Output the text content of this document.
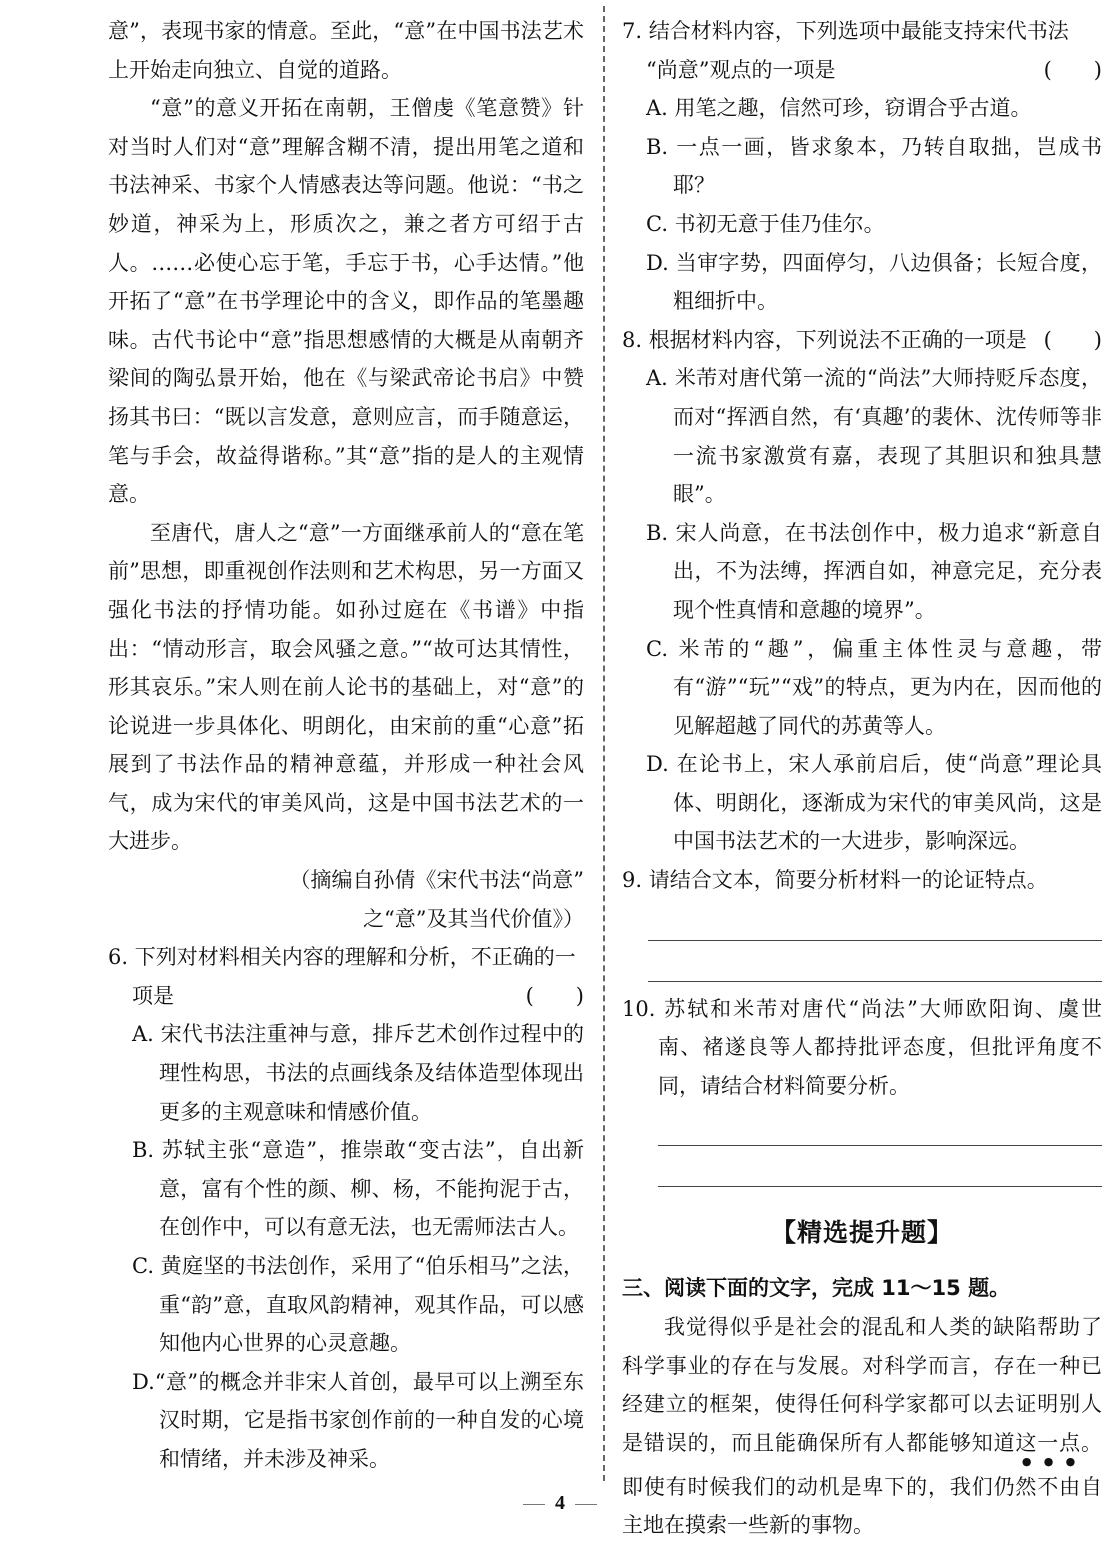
意”，表现书家的情意。至此，“意”在中国书法艺术上开始走向独立、自觉的道路。

“意”的意义开拓在南朝，王僧虔《笔意赞》针对当时人们对“意”理解含糊不清，提出用笔之道和书法神采、书家个人情感表达等问题。他说：“书之妙道，神采为上，形质次之，兼之者方可绍于古人。……必使心忘于笔，手忘于书，心手达情。”他开拓了“意”在书学理论中的含义，即作品的笔墨趣味。古代书论中“意”指思想感情的大概是从南朝齐梁间的陶弘景开始，他在《与梁武帝论书启》中赞扬其书曰：“既以言发意，意则应言，而手随意运，笔与手会，故益得谐称。”其“意”指的是人的主观情意。

至唐代，唐人之“意”一方面继承前人的“意在笔前”思想，即重视创作法则和艺术构思，另一方面又强化书法的抒情功能。如孙过庭在《书谱》中指出：“情动形言，取会风骚之意。”“故可达其情性，形其哀乐。”宋人则在前人论书的基础上，对“意”的论说进一步具体化、明朗化，由宋前的重“心意”拓展到了书法作品的精神意蕴，并形成一种社会风气，成为宋代的审美风尚，这是中国书法艺术的一大进步。

（摘编自孙倩《宋代书法“尚意”

之“意”及其当代价值》）

6. 下列对材料相关内容的理解和分析，不正确的一

项是	(　　)

A. 宋代书法注重神与意，排斥艺术创作过程中的理性构思，书法的点画线条及结体造型体现出更多的主观意味和情感价值。

B. 苏轼主张“意造”，推崇敢“变古法”，自出新意，富有个性的颜、柳、杨，不能拘泥于古，在创作中，可以有意无法，也无需师法古人。

C. 黄庭坚的书法创作，采用了“伯乐相马”之法，重“韵”意，直取风韵精神，观其作品，可以感知他内心世界的心灵意趣。

D.“意”的概念并非宋人首创，最早可以上溯至东汉时期，它是指书家创作前的一种自发的心境和情绪，并未涉及神采。

7. 结合材料内容，下列选项中最能支持宋代书法

“尚意”观点的一项是	(　　)

A. 用笔之趣，信然可珍，窃谓合乎古道。

B. 一点一画，皆求象本，乃转自取拙，岂成书耶？

C. 书初无意于佳乃佳尔。

D. 当审字势，四面停匀，八边俱备；长短合度，粗细折中。

8. 根据材料内容，下列说法不正确的一项是 (　　)

A. 米芾对唐代第一流的“尚法”大师持贬斥态度，而对“挥洒自然，有‘真趣’的裴休、沈传师等非一流书家激赏有嘉，表现了其胆识和独具慧眼”。

B. 宋人尚意，在书法创作中，极力追求“新意自出，不为法缚，挥洒自如，神意完足，充分表现个性真情和意趣的境界”。

C. 米芾的“趣”，偏重主体性灵与意趣，带有“游”“玩”“戏”的特点，更为内在，因而他的见解超越了同代的苏黄等人。

D. 在论书上，宋人承前启后，使“尚意”理论具体、明朗化，逐渐成为宋代的审美风尚，这是中国书法艺术的一大进步，影响深远。

9. 请结合文本，简要分析材料一的论证特点。

10. 苏轼和米芾对唐代“尚法”大师欧阳询、虞世南、褚遂良等人都持批评态度，但批评角度不同，请结合材料简要分析。

【精选提升题】

三、阅读下面的文字，完成 11～15 题。

我觉得似乎是社会的混乱和人类的缺陷帮助了科学事业的存在与发展。对科学而言，存在一种已经建立的框架，使得任何科学家都可以去证明别人是错误的，而且能确保所有人都能够知道这一点。即使有时候我们的动机是卑下的，我们仍然不由自主地在摸索一些新的事物。

4
